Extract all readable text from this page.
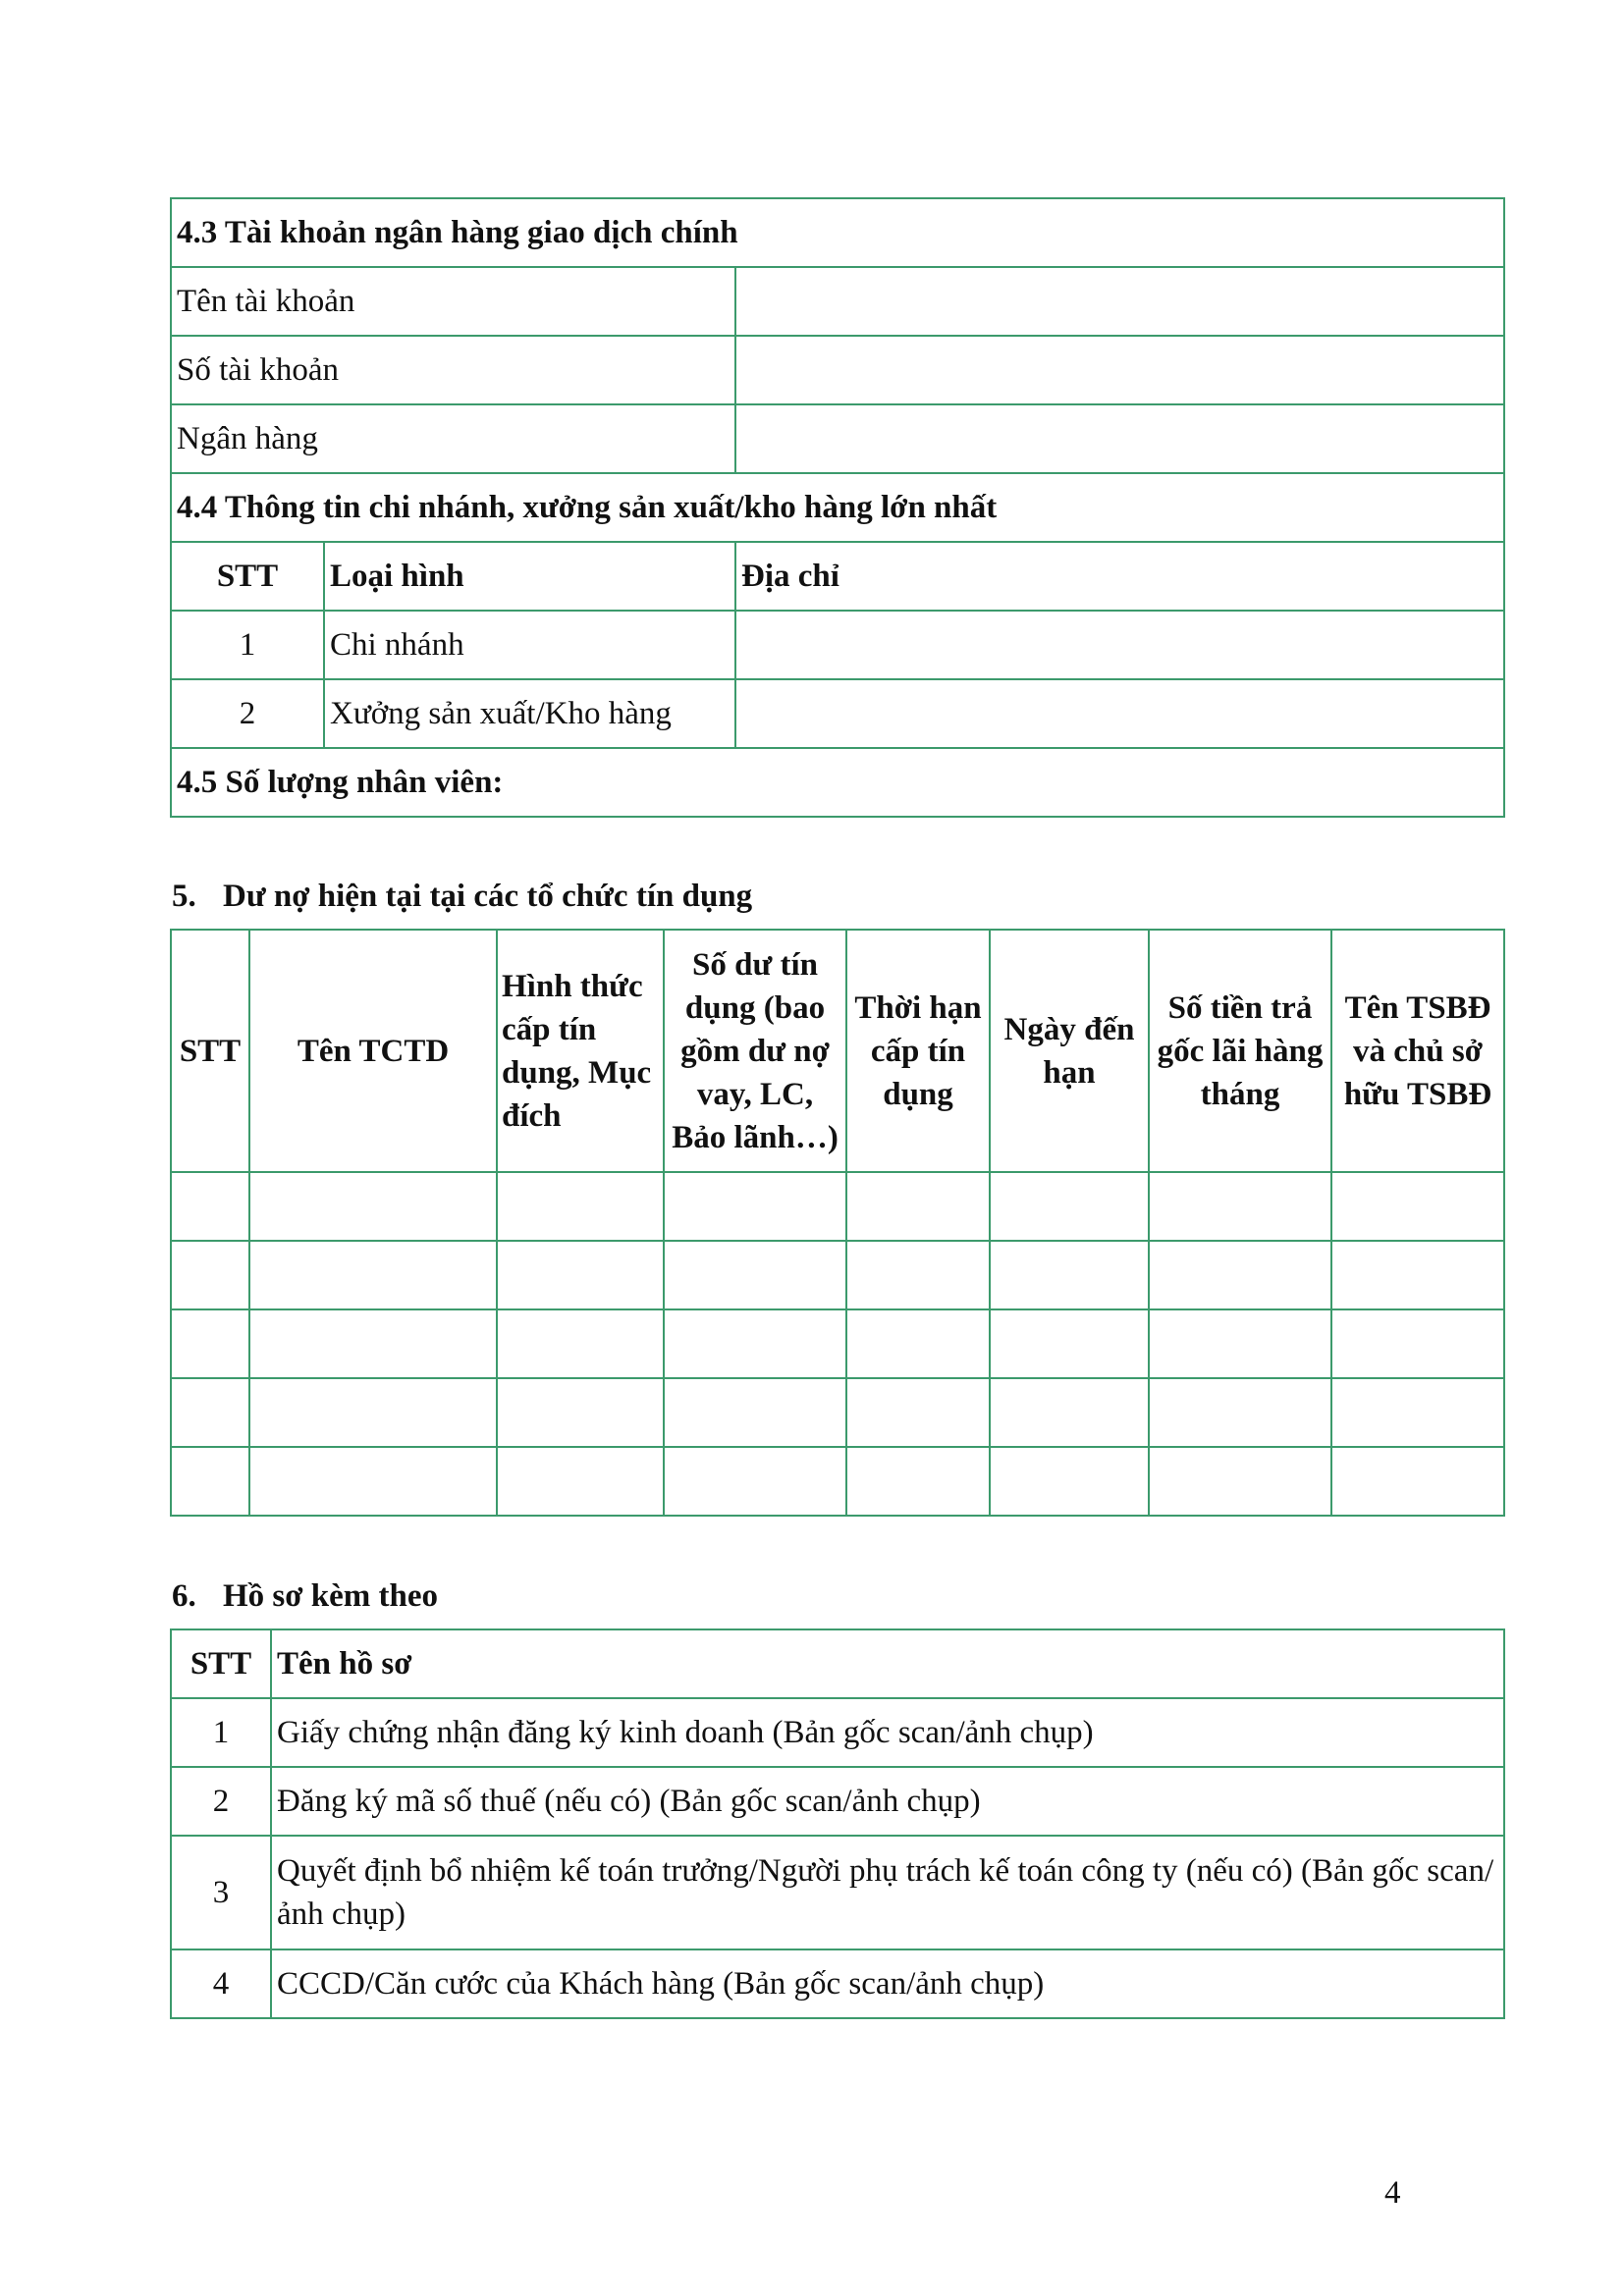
4.3 Tài khoản ngân hàng giao dịch chính		
Tên tài khoản		
Số tài khoản		
Ngân hàng		
4.4 Thông tin chi nhánh, xưởng sản xuất/kho hàng lớn nhất		
STT	Loại hình	Địa chỉ
1	Chi nhánh	
2	Xưởng sản xuất/Kho hàng	
4.5 Số lượng nhân viên:		

5. Dư nợ hiện tại tại các tổ chức tín dụng

STT	Tên TCTD	Hình thức cấp tín dụng, Mục đích	Số dư tín dụng (bao gồm dư nợ vay, LC, Bảo lãnh…)	Thời hạn cấp tín dụng	Ngày đến hạn	Số tiền trả gốc lãi hàng tháng	Tên TSBĐ và chủ sở hữu TSBĐ

6. Hồ sơ kèm theo

STT	Tên hồ sơ
1	Giấy chứng nhận đăng ký kinh doanh (Bản gốc scan/ảnh chụp)
2	Đăng ký mã số thuế (nếu có) (Bản gốc scan/ảnh chụp)
3	Quyết định bổ nhiệm kế toán trưởng/Người phụ trách kế toán công ty (nếu có) (Bản gốc scan/ảnh chụp)
4	CCCD/Căn cước của Khách hàng (Bản gốc scan/ảnh chụp)
4
